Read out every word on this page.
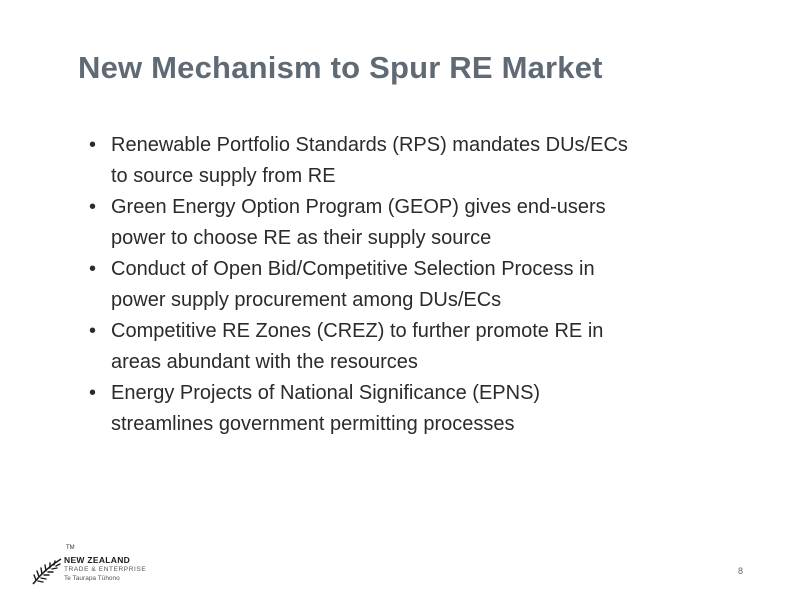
New Mechanism to Spur RE Market
• Renewable Portfolio Standards (RPS) mandates DUs/ECs
to source supply from RE
• Green Energy Option Program (GEOP) gives end-users
power to choose RE as their supply source
• Conduct of Open Bid/Competitive Selection Process in
power supply procurement among DUs/ECs
• Competitive RE Zones (CREZ) to further promote RE in
areas abundant with the resources
• Energy Projects of National Significance (EPNS)
streamlines government permitting processes
TM
NEW ZEALAND
TRADE & ENTERPRISE
Te Taurapa Tūhono
8
